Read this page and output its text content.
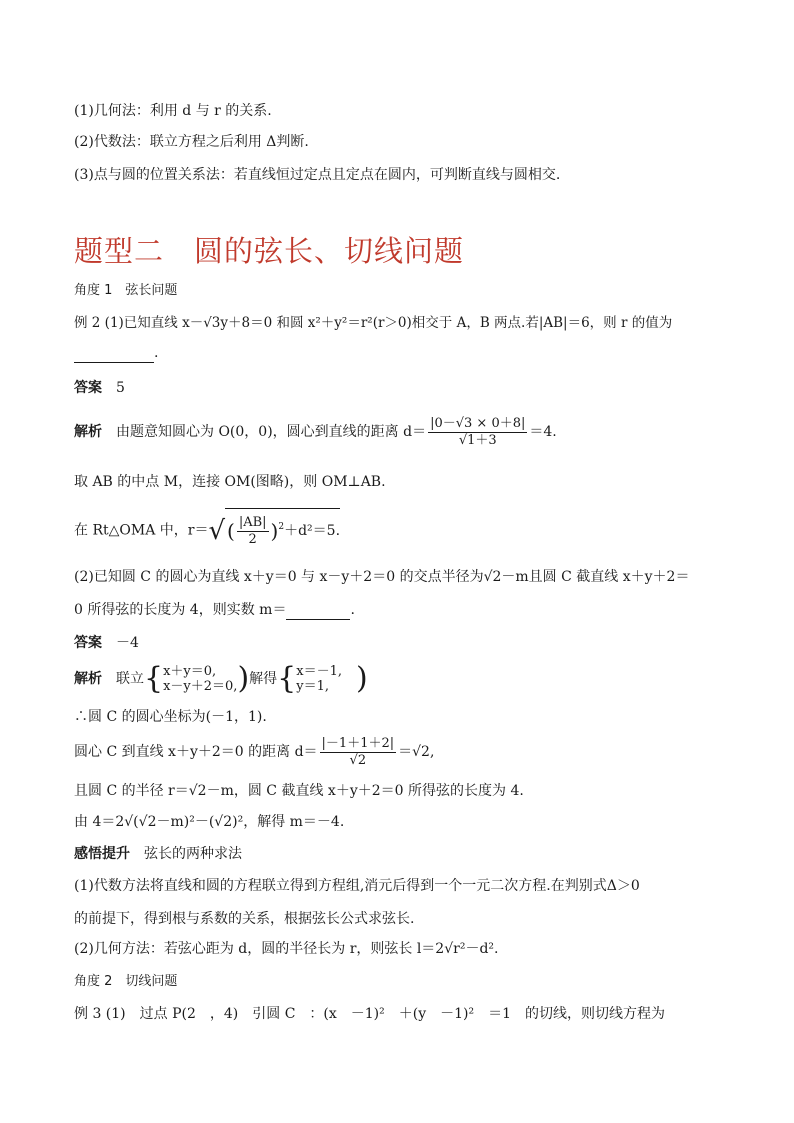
(1)几何法：利用 d 与 r 的关系.
(2)代数法：联立方程之后利用 Δ判断.
(3)点与圆的位置关系法：若直线恒过定点且定点在圆内，可判断直线与圆相交.
题型二　圆的弦长、切线问题
角度 1　弦长问题
例 2 (1)已知直线 x－√3y＋8＝0 和圆 x²＋y²＝r²(r＞0)相交于 A，B 两点.若|AB|＝6，则 r 的值为
.
答案 5
解析 由题意知圆心为 O(0，0)，圆心到直线的距离 $d= \frac{|0-√3 \times 0+8|}{√1+3} =4$.
取 AB 的中点 M，连接 OM(图略)，则 OM⊥AB.
在 Rt△OMA 中，r＝√ ( $\frac{|AB|}{2} )^2+d^2=5$.
(2)已知圆 C 的圆心为直线 x＋y＝0 与 x－y＋2＝0 的交点半径为√2－m且圆 C 截直线 x＋y＋2＝
0 所得弦的长度为 4，则实数 m＝	.
答案 －4
解析 联立{ x＋y＝0,
x－y＋2＝0, )解得{ x＝－1,
y＝1, )
∴圆 C 的圆心坐标为(－1，1).
圆心 C 到直线 x＋y＋2＝0 的距离 $d= \frac{|-1+1+2|}{√2} =√2$,
且圆 C 的半径 r＝√2－m，圆 C 截直线 x＋y＋2＝0 所得弦的长度为 4.
由 4＝2√(√2－m)²－(√2)²，解得 m＝－4.
感悟提升 弦长的两种求法
(1)代数方法将直线和圆的方程联立得到方程组,消元后得到一个一元二次方程.在判别式Δ＞0
的前提下，得到根与系数的关系，根据弦长公式求弦长.
(2)几何方法：若弦心距为 d，圆的半径长为 r，则弦长 l＝2√r²－d².
角度 2　切线问题
例 3 (1)　过点 P(2　，4)　引圆 C　：(x　－1)²　＋(y　－1)²　＝1　的切线，则切线方程为
